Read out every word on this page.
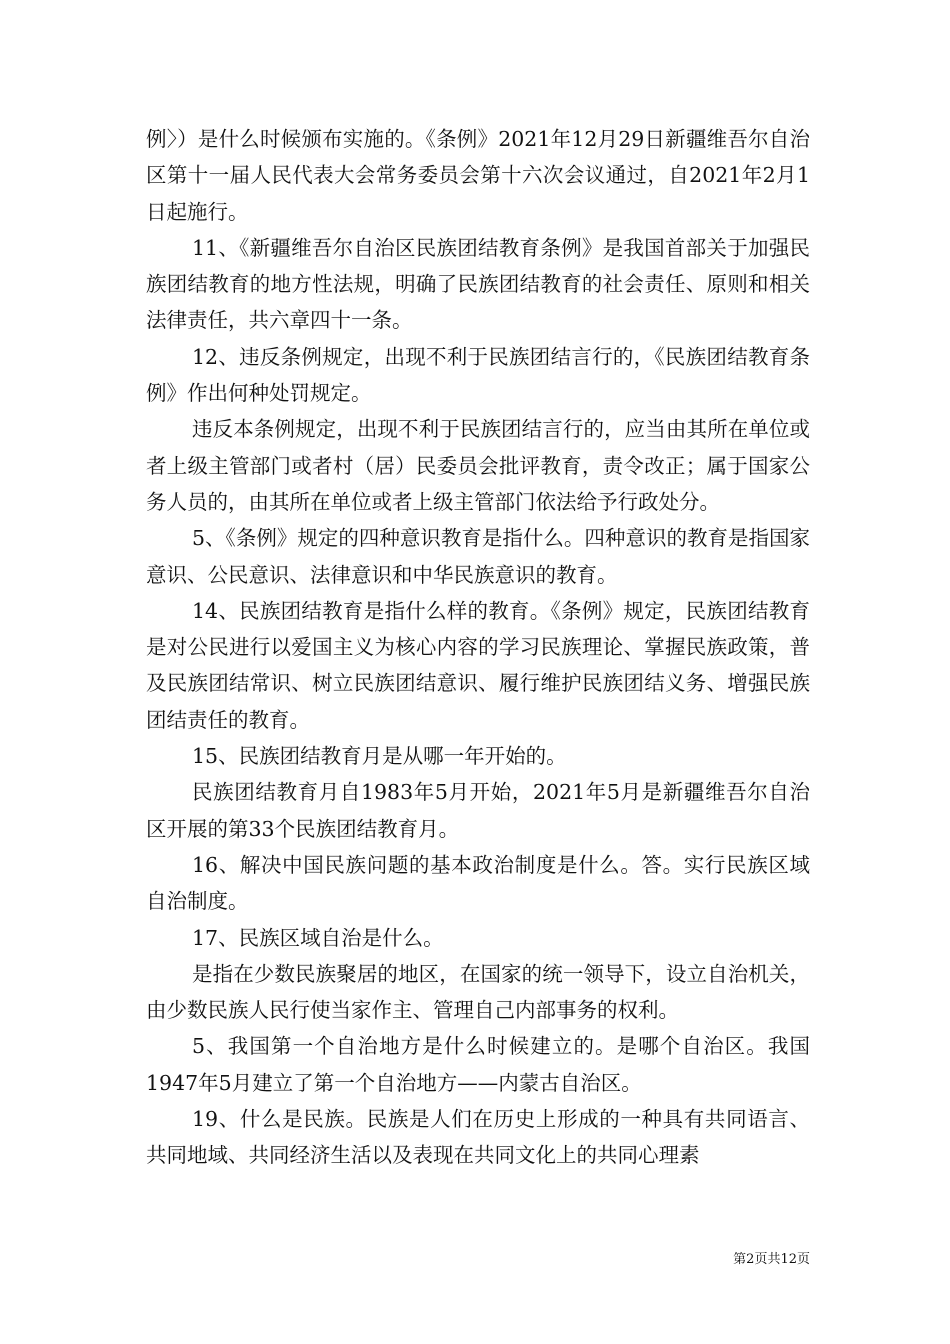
例〉）是什么时候颁布实施的。《条例》2021年12月29日新疆维吾尔自治区第十一届人民代表大会常务委员会第十六次会议通过，自2021年2月1日起施行。

11、《新疆维吾尔自治区民族团结教育条例》是我国首部关于加强民族团结教育的地方性法规，明确了民族团结教育的社会责任、原则和相关法律责任，共六章四十一条。

12、违反条例规定，出现不利于民族团结言行的，《民族团结教育条例》作出何种处罚规定。

违反本条例规定，出现不利于民族团结言行的，应当由其所在单位或者上级主管部门或者村（居）民委员会批评教育，责令改正；属于国家公务人员的，由其所在单位或者上级主管部门依法给予行政处分。

5、《条例》规定的四种意识教育是指什么。四种意识的教育是指国家意识、公民意识、法律意识和中华民族意识的教育。

14、民族团结教育是指什么样的教育。《条例》规定，民族团结教育是对公民进行以爱国主义为核心内容的学习民族理论、掌握民族政策，普及民族团结常识、树立民族团结意识、履行维护民族团结义务、增强民族团结责任的教育。

15、民族团结教育月是从哪一年开始的。

民族团结教育月自1983年5月开始，2021年5月是新疆维吾尔自治区开展的第33个民族团结教育月。

16、解决中国民族问题的基本政治制度是什么。答。实行民族区域自治制度。

17、民族区域自治是什么。

是指在少数民族聚居的地区，在国家的统一领导下，设立自治机关，由少数民族人民行使当家作主、管理自己内部事务的权利。

5、我国第一个自治地方是什么时候建立的。是哪个自治区。我国1947年5月建立了第一个自治地方——内蒙古自治区。

19、什么是民族。民族是人们在历史上形成的一种具有共同语言、共同地域、共同经济生活以及表现在共同文化上的共同心理素

第2页共12页
